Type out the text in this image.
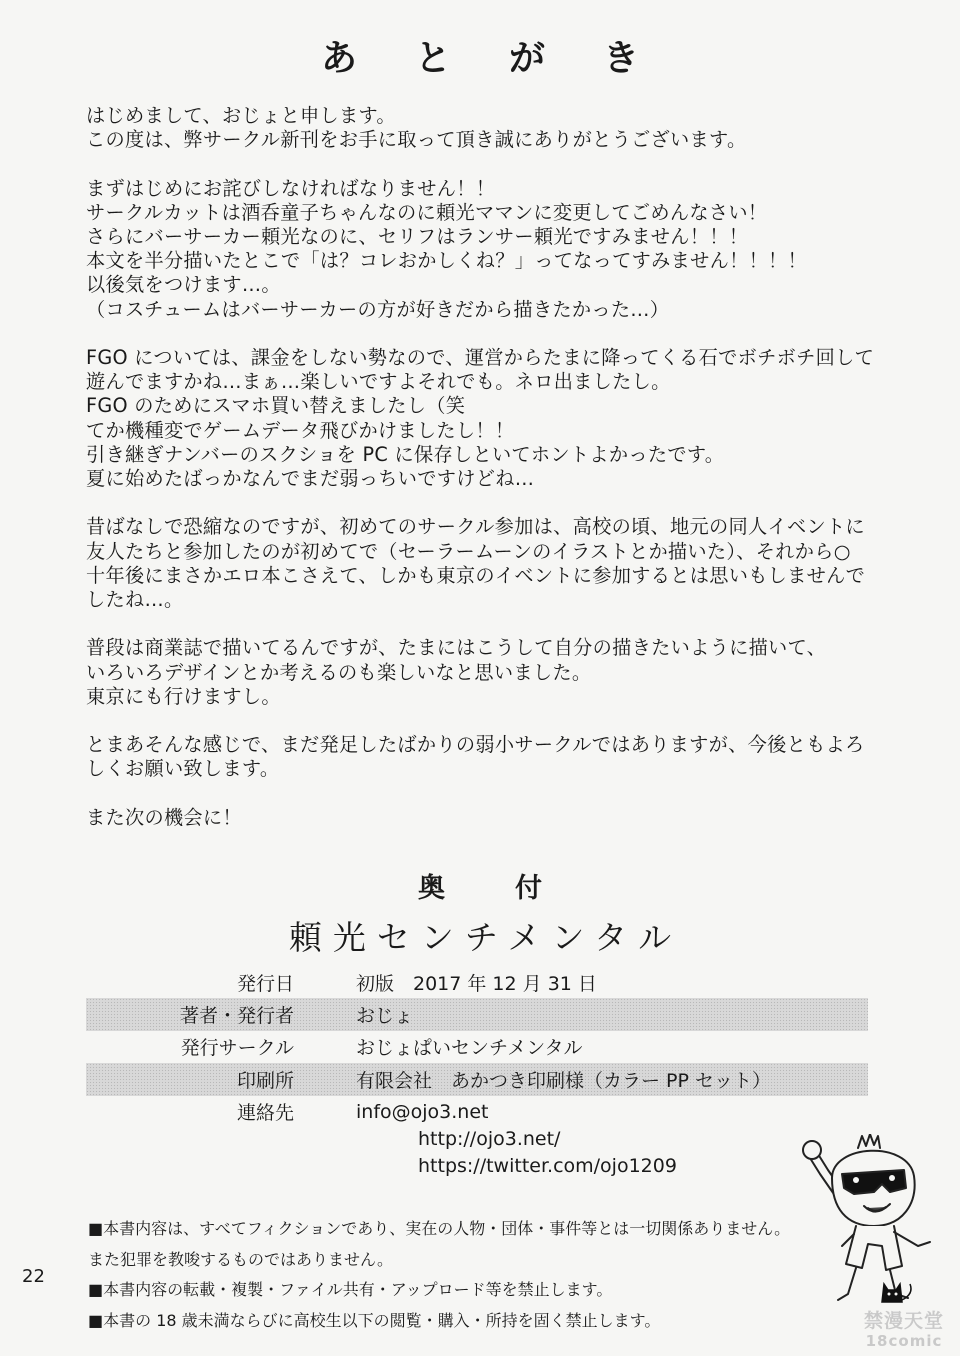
あとがき
はじめまして、おじょと申します。
この度は、弊サークル新刊をお手に取って頂き誠にありがとうございます。
まずはじめにお詫びしなければなりません！！
サークルカットは酒呑童子ちゃんなのに頼光ママンに変更してごめんなさい！
さらにバーサーカー頼光なのに、セリフはランサー頼光ですみません！！！
本文を半分描いたとこで「は？コレおかしくね？」ってなってすみません！！！！
以後気をつけます…。
（コスチュームはバーサーカーの方が好きだから描きたかった…）
FGO については、課金をしない勢なので、運営からたまに降ってくる石でボチボチ回して
遊んでますかね…まぁ…楽しいですよそれでも。ネロ出ましたし。
FGO のためにスマホ買い替えましたし（笑
てか機種変でゲームデータ飛びかけましたし！！
引き継ぎナンバーのスクショを PC に保存しといてホントよかったです。
夏に始めたばっかなんでまだ弱っちいですけどね…
昔ばなしで恐縮なのですが、初めてのサークル参加は、高校の頃、地元の同人イベントに
友人たちと参加したのが初めてで（セーラームーンのイラストとか描いた）、それから○
十年後にまさかエロ本こさえて、しかも東京のイベントに参加するとは思いもしませんで
したね…。
普段は商業誌で描いてるんですが、たまにはこうして自分の描きたいように描いて、
いろいろデザインとか考えるのも楽しいなと思いました。
東京にも行けますし。
とまあそんな感じで、まだ発足したばかりの弱小サークルではありますが、今後ともよろ
しくお願い致します。
また次の機会に！
奥付
頼光センチメンタル
発行日	初版　2017 年 12 月 31 日
著者・発行者	おじょ
発行サークル	おじょぱいセンチメンタル
印刷所	有限会社　あかつき印刷様（カラー PP セット）
連絡先	info@ojo3.net
http://ojo3.net/
https://twitter.com/ojo1209
■本書内容は、すべてフィクションであり、実在の人物・団体・事件等とは一切関係ありません。
また犯罪を教唆するものではありません。
■本書内容の転載・複製・ファイル共有・アップロード等を禁止します。
■本書の 18 歳未満ならびに高校生以下の閲覧・購入・所持を固く禁止します。
22
禁漫天堂
18comic
